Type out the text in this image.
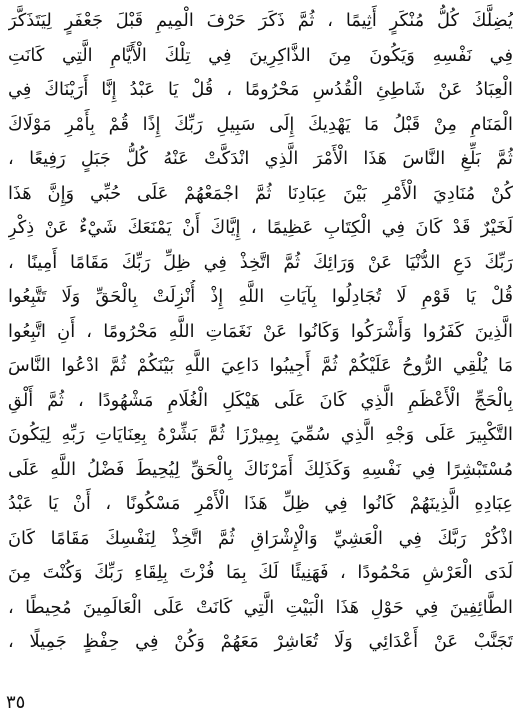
يُضِلَّكَ كُلُّ مُنْكَرٍ أَثِيمًا ، ثُمَّ ذَكَرَ حَرْفَ الْمِيمِ قَبْلَ جَعْفَرٍ لِيَتَذَكَّرَ
فِي نَفْسِهِ وَيَكُونَ مِنَ الذَّاكِرِينَ فِي تِلْكَ الْأَيَّامِ الَّتِي كَانَتِ
الْعِبَادُ عَنْ شَاطِئِ الْقُدُسِ مَحْرُومًا ، قُلْ يَا عَبْدُ إِنَّا أَرَيْنَاكَ فِي
الْمَنَامِ مِنْ قَبْلُ مَا يَهْدِيكَ إِلَى سَبِيلِ رَبِّكَ إِذًا قُمْ بِأَمْرِ مَوْلَاكَ
ثُمَّ بَلِّغِ النَّاسَ هَذَا الْأَمْرَ الَّذِي انْدَكَّتْ عَنْهُ كُلُّ جَبَلٍ رَفِيعًا ،
كُنْ مُنَادِيَ الْأَمْرِ بَيْنَ عِبَادِنَا ثُمَّ اجْمَعْهُمْ عَلَى حُبِّي وَإِنَّ هَذَا
لَخَيْرٌ قَدْ كَانَ فِي الْكِتَابِ عَظِيمًا ، إِيَّاكَ أَنْ يَمْنَعَكَ شَيْءٌ عَنْ ذِكْرِ
رَبِّكَ دَعِ الدُّنْيَا عَنْ وَرَائِكَ ثُمَّ اتَّخِذْ فِي ظِلِّ رَبِّكَ مَقَامًا أَمِينًا ،
قُلْ يَا قَوْمِ لَا تُجَادِلُوا بِآيَاتِ اللَّهِ إِذْ أُنْزِلَتْ بِالْحَقِّ وَلَا تَتَّبِعُوا
الَّذِينَ كَفَرُوا وَأَشْرَكُوا وَكَانُوا عَنْ نَغَمَاتِ اللَّهِ مَحْرُومًا ، أَنِ اتَّبِعُوا
مَا يُلْقِي الرُّوحُ عَلَيْكُمْ ثُمَّ أَجِيبُوا دَاعِيَ اللَّهِ بَيْنَكُمْ ثُمَّ ادْعُوا النَّاسَ
بِالْحَجِّ الْأَعْظَمِ الَّذِي كَانَ عَلَى هَيْكَلِ الْغُلَامِ مَشْهُودًا ، ثُمَّ أَلْقِ
التَّكْبِيرَ عَلَى وَجْهِ الَّذِي سُمِّيَ بِمِيرْزَا ثُمَّ بَشِّرْهُ بِعِنَايَاتِ رَبِّهِ لِيَكُونَ
مُسْتَبْشِرًا فِي نَفْسِهِ وَكَذَلِكَ أَمَرْنَاكَ بِالْحَقِّ لِيُحِيطَ فَضْلُ اللَّهِ عَلَى
عِبَادِهِ الَّذِينَهُمْ كَانُوا فِي ظِلِّ هَذَا الْأَمْرِ مَسْكُونًا ، أَنْ يَا عَبْدُ
اذْكُرْ رَبَّكَ فِي الْعَشِيِّ وَالْإِشْرَاقِ ثُمَّ اتَّخِذْ لِنَفْسِكَ مَقَامًا كَانَ
لَدَى الْعَرْشِ مَحْمُودًا ، فَهَنِيئًا لَكَ بِمَا فُزْتَ بِلِقَاءِ رَبِّكَ وَكُنْتَ مِنَ
الطَّائِفِينَ فِي حَوْلِ هَذَا الْبَيْتِ الَّتِي كَانَتْ عَلَى الْعَالَمِينَ مُحِيطًا ،
تَجَنَّبْ عَنْ أَعْدَائِي وَلَا تُعَاشِرْ مَعَهُمْ وَكُنْ فِي حِفْظٍ جَمِيلًا ،
٣٥
